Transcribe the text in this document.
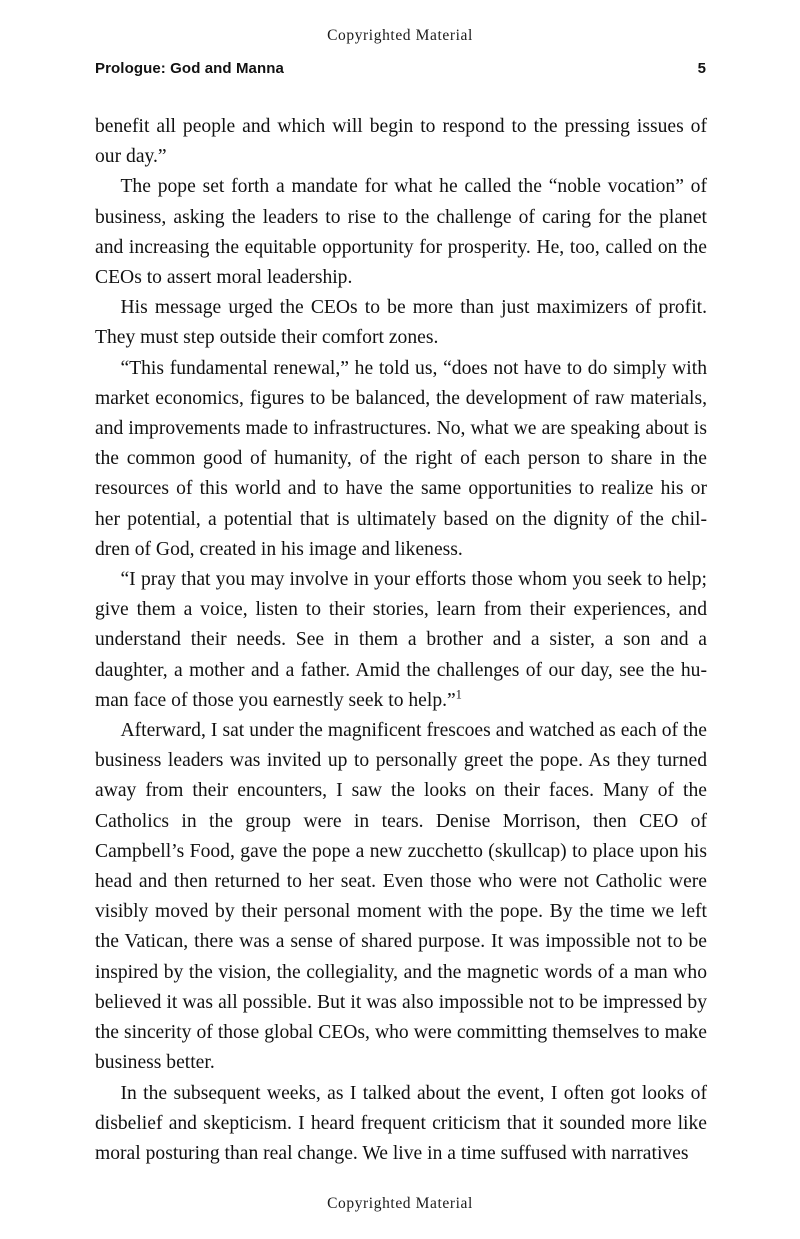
Copyrighted Material
Prologue: God and Manna	5

benefit all people and which will begin to respond to the pressing issues of our day.”

The pope set forth a mandate for what he called the “noble vocation” of business, asking the leaders to rise to the challenge of caring for the planet and increasing the equitable opportunity for prosperity. He, too, called on the CEOs to assert moral leadership.

His message urged the CEOs to be more than just maximizers of profit. They must step outside their comfort zones.

“This fundamental renewal,” he told us, “does not have to do simply with market economics, figures to be balanced, the development of raw materials, and improvements made to infrastructures. No, what we are speaking about is the common good of humanity, of the right of each person to share in the resources of this world and to have the same opportunities to realize his or her potential, a potential that is ultimately based on the dignity of the chil-dren of God, created in his image and likeness.

“I pray that you may involve in your efforts those whom you seek to help; give them a voice, listen to their stories, learn from their experiences, and understand their needs. See in them a brother and a sister, a son and a daughter, a mother and a father. Amid the challenges of our day, see the hu-man face of those you earnestly seek to help.”$^1$

Afterward, I sat under the magnificent frescoes and watched as each of the business leaders was invited up to personally greet the pope. As they turned away from their encounters, I saw the looks on their faces. Many of the Catholics in the group were in tears. Denise Morrison, then CEO of Campbell’s Food, gave the pope a new zucchetto (skullcap) to place upon his head and then returned to her seat. Even those who were not Catholic were visibly moved by their personal moment with the pope. By the time we left the Vatican, there was a sense of shared purpose. It was impossible not to be inspired by the vision, the collegiality, and the magnetic words of a man who believed it was all possible. But it was also impossible not to be impressed by the sincerity of those global CEOs, who were committing themselves to make business better.

In the subsequent weeks, as I talked about the event, I often got looks of disbelief and skepticism. I heard frequent criticism that it sounded more like moral posturing than real change. We live in a time suffused with narratives

Copyrighted Material
